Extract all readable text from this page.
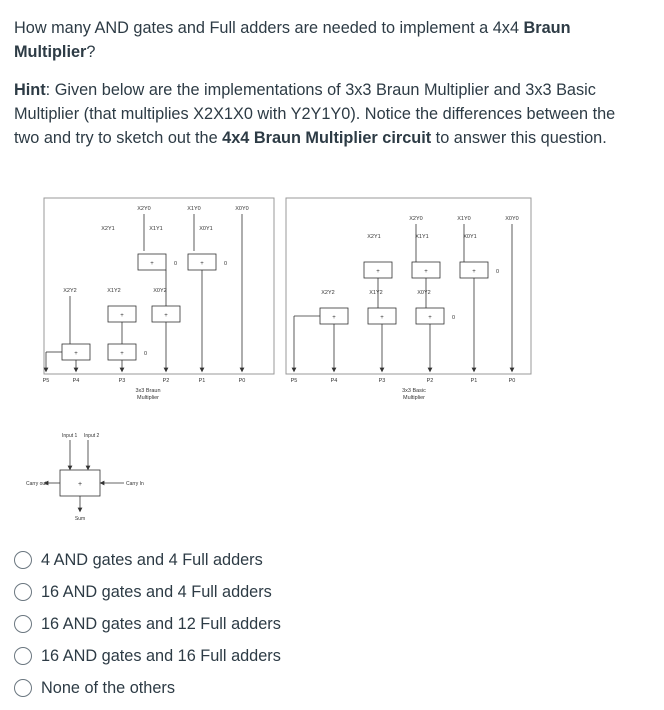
How many AND gates and Full adders are needed to implement a 4x4 Braun Multiplier?

Hint: Given below are the implementations of 3x3 Braun Multiplier and 3x3 Basic Multiplier (that multiplies X2X1X0 with Y2Y1Y0). Notice the differences between the two and try to sketch out the 4x4 Braun Multiplier circuit to answer this question.
X2Y0	X1Y0	X0Y0
X2Y1	X1Y1	X0Y1
X2Y2	X1Y2	X0Y2
+	+
0	0
+	+
+	+	0
P5	P4	P3	P2	P1	P0
3x3 Braun
Multiplier
X2Y0	X1Y0	X0Y0
X2Y1	X1Y1	X0Y1
X2Y2	X1Y2	X0Y2
+	+	+	0
+	+	+	0
P5	P4	P3	P2	P1	P0
3x3 Basic
Multiplier
Input 1 Input 2
+
Carry out	Carry In
Sum
4 AND gates and 4 Full adders
16 AND gates and 4 Full adders
16 AND gates and 12 Full adders
16 AND gates and 16 Full adders
None of the others
